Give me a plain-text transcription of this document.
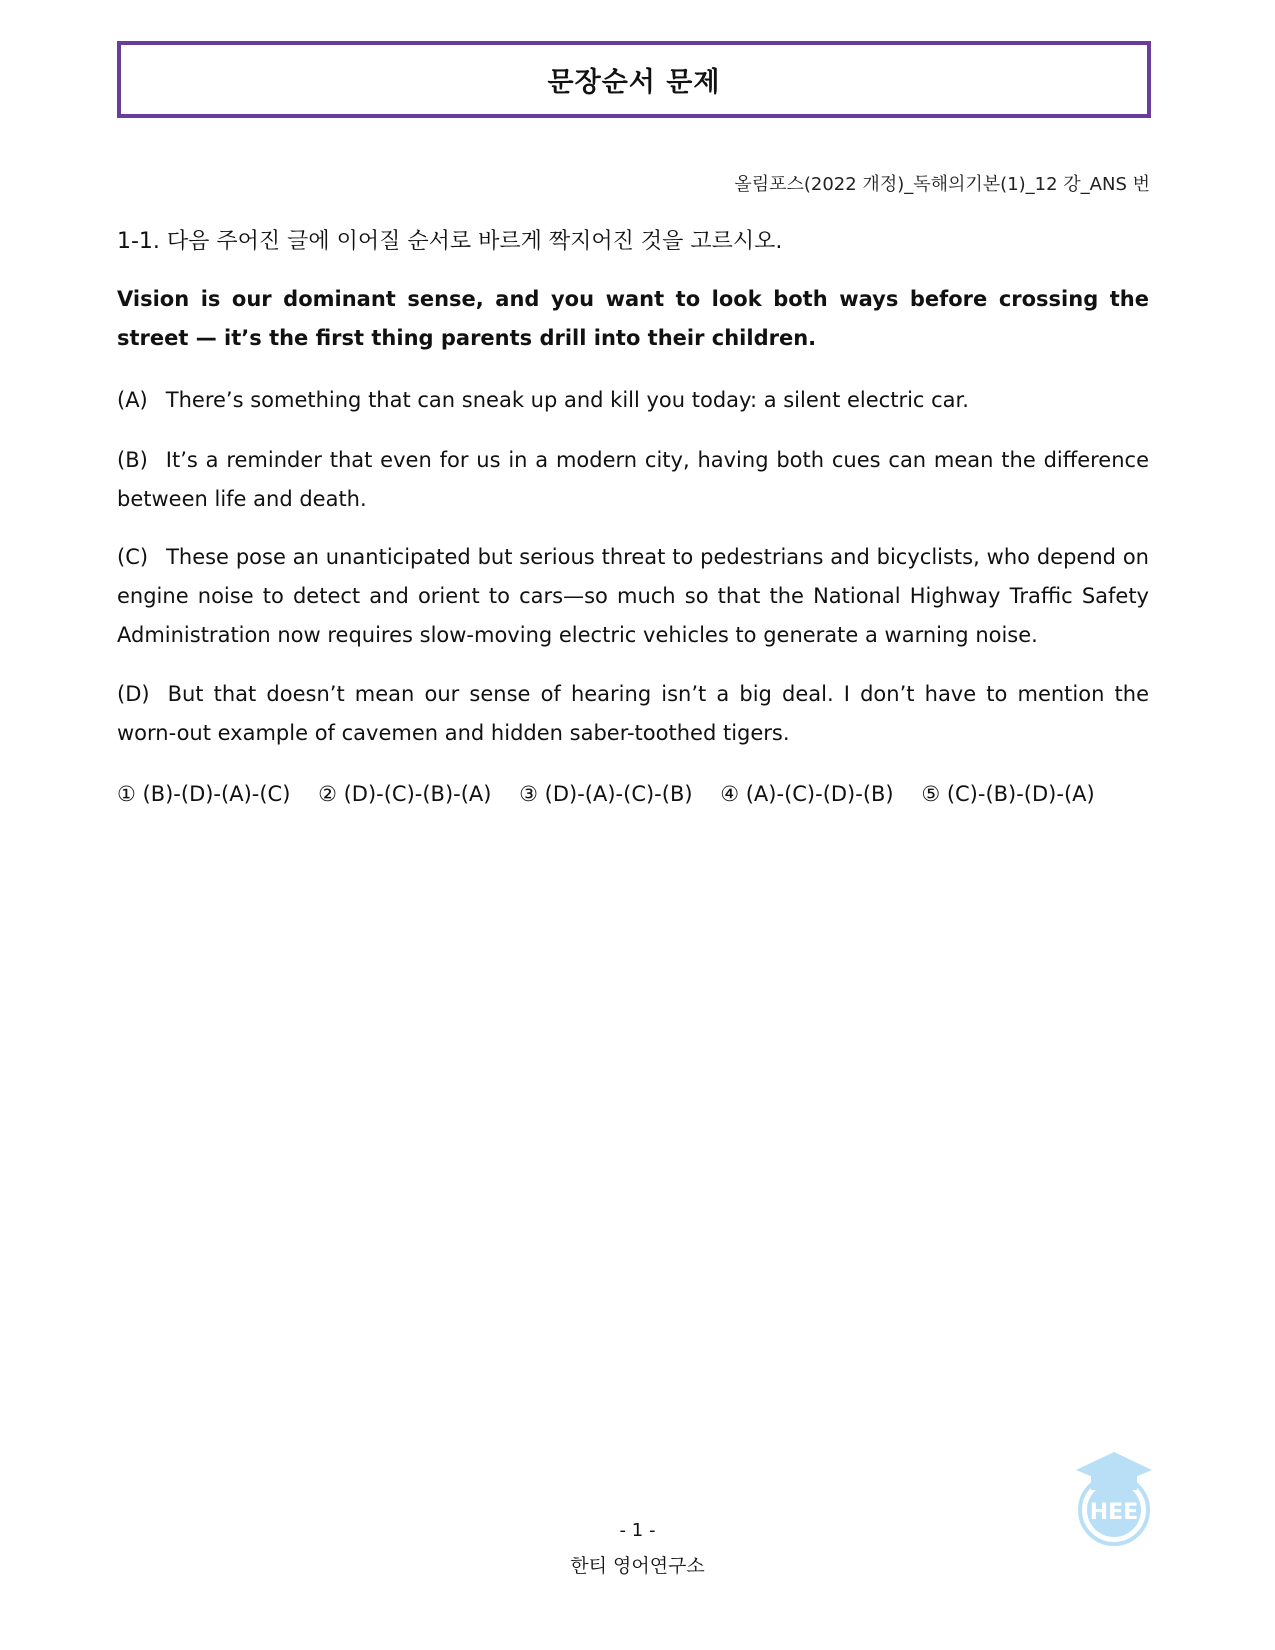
문장순서 문제
올림포스(2022 개정)_독해의기본(1)_12 강_ANS 번
1-1. 다음 주어진 글에 이어질 순서로 바르게 짝지어진 것을 고르시오.
Vision is our dominant sense, and you want to look both ways before crossing the street — it’s the first thing parents drill into their children.
(A) There’s something that can sneak up and kill you today: a silent electric car.
(B) It’s a reminder that even for us in a modern city, having both cues can mean the difference between life and death.
(C) These pose an unanticipated but serious threat to pedestrians and bicyclists, who depend on engine noise to detect and orient to cars—so much so that the National Highway Traffic Safety Administration now requires slow-moving electric vehicles to generate a warning noise.
(D) But that doesn’t mean our sense of hearing isn’t a big deal. I don’t have to mention the worn-out example of cavemen and hidden saber-toothed tigers.
① (B)-(D)-(A)-(C) ② (D)-(C)-(B)-(A) ③ (D)-(A)-(C)-(B) ④ (A)-(C)-(D)-(B) ⑤ (C)-(B)-(D)-(A)
- 1 -
한티 영어연구소
HEE
